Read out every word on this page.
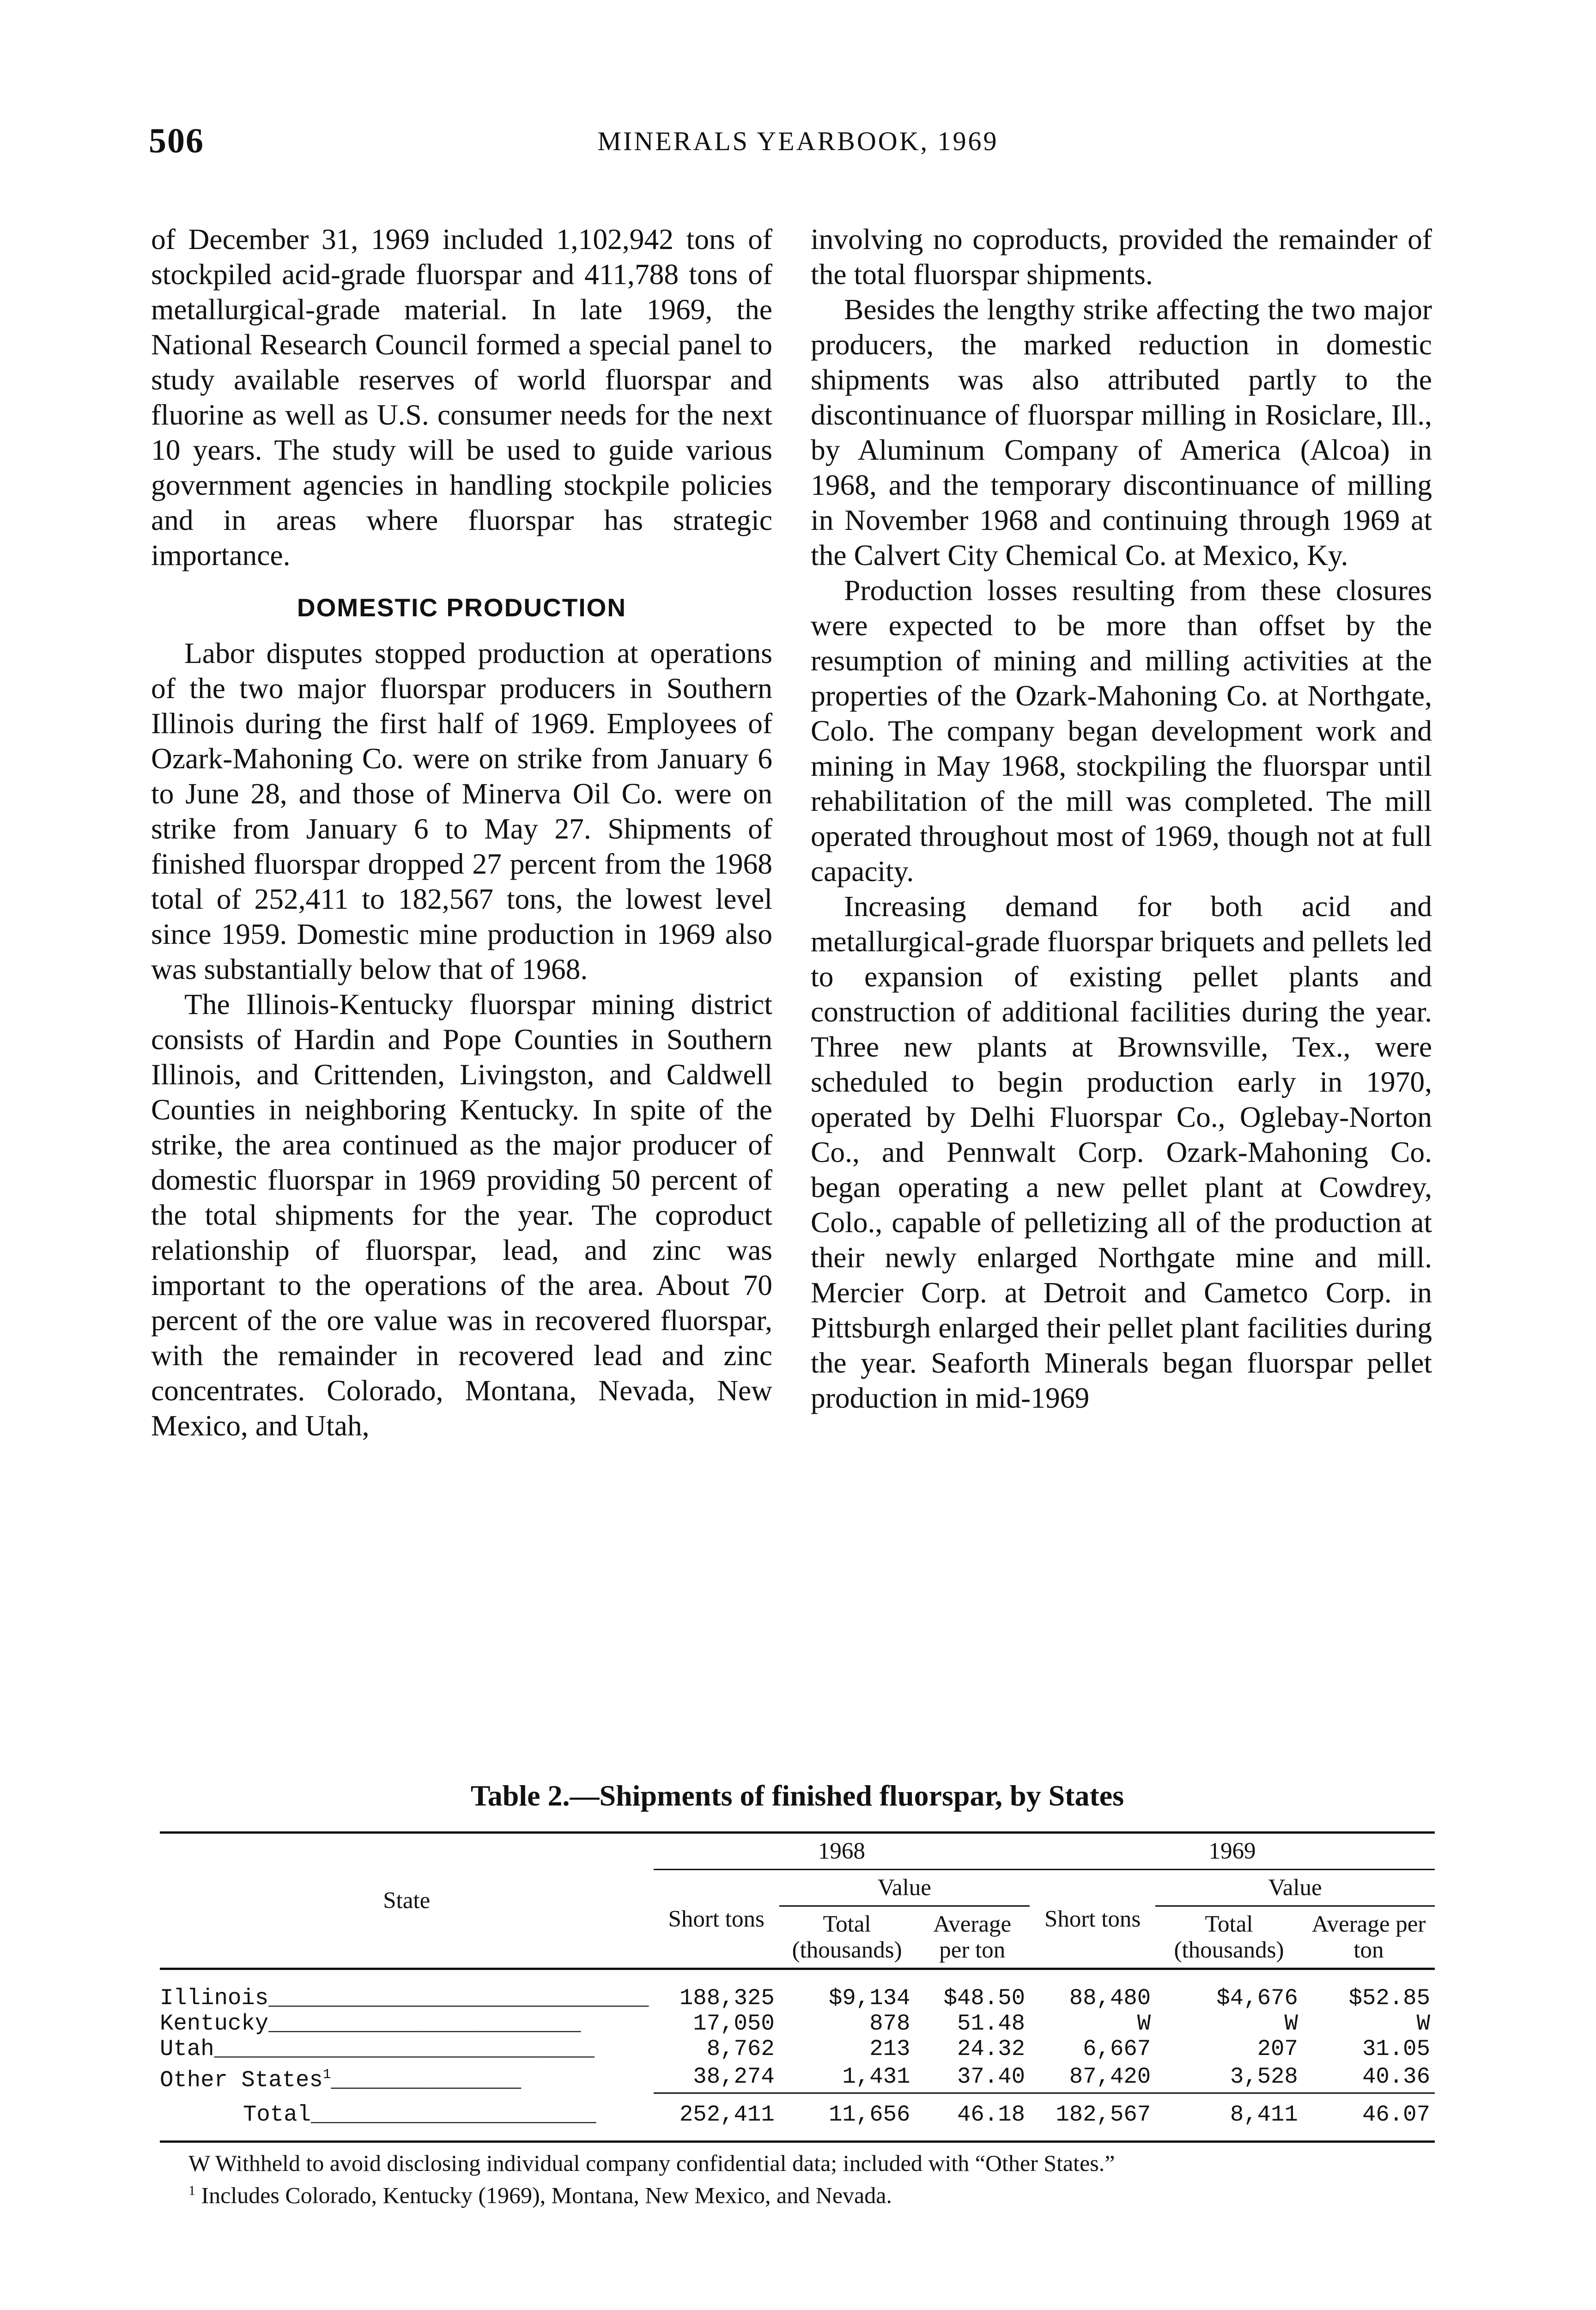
506	MINERALS YEARBOOK, 1969

of December 31, 1969 included 1,102,942 tons of stockpiled acid-grade fluorspar and 411,788 tons of metallurgical-grade material. In late 1969, the National Research Council formed a special panel to study available reserves of world fluorspar and fluorine as well as U.S. consumer needs for the next 10 years. The study will be used to guide various government agencies in handling stockpile policies and in areas where fluorspar has strategic importance.

DOMESTIC PRODUCTION

Labor disputes stopped production at operations of the two major fluorspar producers in Southern Illinois during the first half of 1969. Employees of Ozark-Mahoning Co. were on strike from January 6 to June 28, and those of Minerva Oil Co. were on strike from January 6 to May 27. Shipments of finished fluorspar dropped 27 percent from the 1968 total of 252,411 to 182,567 tons, the lowest level since 1959. Domestic mine production in 1969 also was substantially below that of 1968.

The Illinois-Kentucky fluorspar mining district consists of Hardin and Pope Counties in Southern Illinois, and Crittenden, Livingston, and Caldwell Counties in neighboring Kentucky. In spite of the strike, the area continued as the major producer of domestic fluorspar in 1969 providing 50 percent of the total shipments for the year. The coproduct relationship of fluorspar, lead, and zinc was important to the operations of the area. About 70 percent of the ore value was in recovered fluorspar, with the remainder in recovered lead and zinc concentrates. Colorado, Montana, Nevada, New Mexico, and Utah,

involving no coproducts, provided the remainder of the total fluorspar shipments.

Besides the lengthy strike affecting the two major producers, the marked reduction in domestic shipments was also attributed partly to the discontinuance of fluorspar milling in Rosiclare, Ill., by Aluminum Company of America (Alcoa) in 1968, and the temporary discontinuance of milling in November 1968 and continuing through 1969 at the Calvert City Chemical Co. at Mexico, Ky.

Production losses resulting from these closures were expected to be more than offset by the resumption of mining and milling activities at the properties of the Ozark-Mahoning Co. at Northgate, Colo. The company began development work and mining in May 1968, stockpiling the fluorspar until rehabilitation of the mill was completed. The mill operated throughout most of 1969, though not at full capacity.

Increasing demand for both acid and metallurgical-grade fluorspar briquets and pellets led to expansion of existing pellet plants and construction of additional facilities during the year. Three new plants at Brownsville, Tex., were scheduled to begin production early in 1970, operated by Delhi Fluorspar Co., Oglebay-Norton Co., and Pennwalt Corp. Ozark-Mahoning Co. began operating a new pellet plant at Cowdrey, Colo., capable of pelletizing all of the production at their newly enlarged Northgate mine and mill. Mercier Corp. at Detroit and Cametco Corp. in Pittsburgh enlarged their pellet plant facilities during the year. Seaforth Minerals began fluorspar pellet production in mid-1969

Table 2.—Shipments of finished fluorspar, by States
State	1968			1969		
	Short tons	Value		Short tons	Value	
		Total (thousands)	Average per ton		Total (thousands)	Average per ton

Illinois____________________________	188,325	$9,134	$48.50	88,480	$4,676	$52.85
Kentucky_______________________	17,050	878	51.48	W	W	W
Utah____________________________	8,762	213	24.32	6,667	207	31.05
Other States$^1$______________	38,274	1,431	37.40	87,420	3,528	40.36

Total_____________________	252,411	11,656	46.18	182,567	8,411	46.07

W Withheld to avoid disclosing individual company confidential data; included with “Other States.”
$^1$ Includes Colorado, Kentucky (1969), Montana, New Mexico, and Nevada.
